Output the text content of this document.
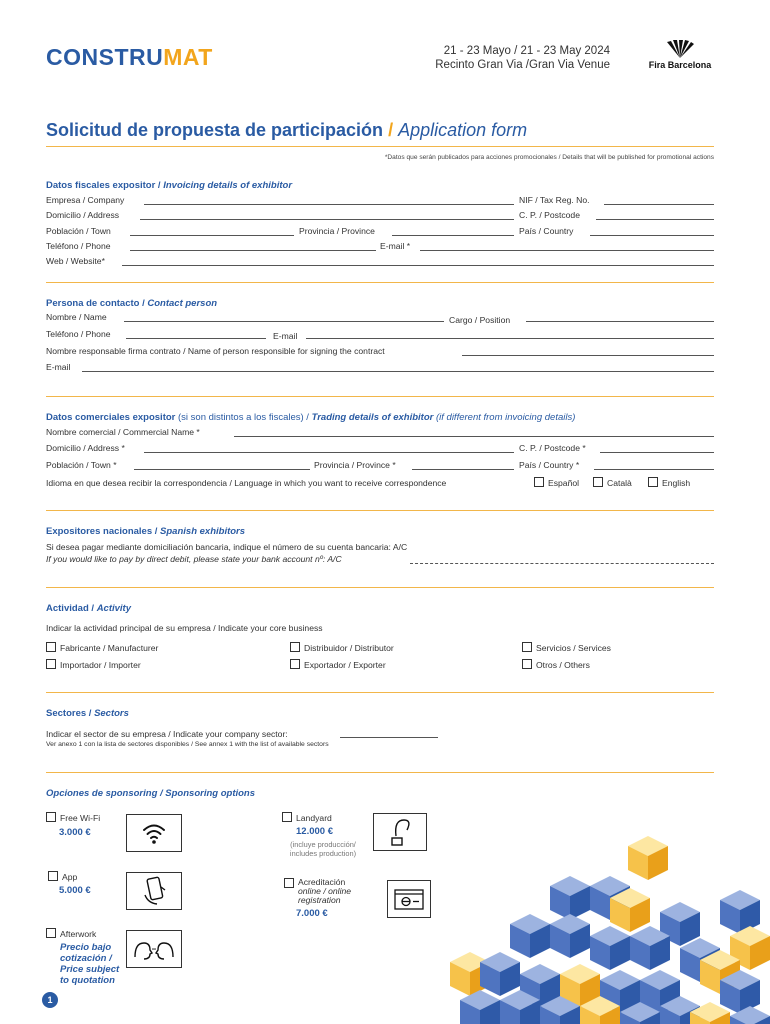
CONSTRUMAT	21 - 23 Mayo / 21 - 23 May 2024
Recinto Gran Via /Gran Via Venue	Fira Barcelona
Solicitud de propuesta de participación / Application form
*Datos que serán publicados para acciones promocionales / Details that will be published for promotional actions
Datos fiscales expositor / Invoicing details of exhibitor
Empresa / Company	NIF / Tax Reg. No.
Domicilio / Address	C. P. / Postcode
Población / Town	Provincia / Province	País / Country
Teléfono / Phone	E-mail *
Web / Website*
Persona de contacto / Contact person
Nombre / Name	Cargo / Position
Teléfono / Phone	E-mail
Nombre responsable firma contrato / Name of person responsible for signing the contract
E-mail
Datos comerciales expositor (si son distintos a los fiscales) / Trading details of exhibitor (if different from invoicing details)
Nombre comercial / Commercial Name *
Domicilio / Address *	C. P. / Postcode *
Población / Town *	Provincia / Province *	País / Country *
Idioma en que desea recibir la correspondencia / Language in which you want to receive correspondence	Español	Català	English
Expositores nacionales / Spanish exhibitors
Si desea pagar mediante domiciliación bancaria, indique el número de su cuenta bancaria: A/C
If you would like to pay by direct debit, please state your bank account nº: A/C
Actividad / Activity
Indicar la actividad principal de su empresa / Indicate your core business
Fabricante / Manufacturer	Distribuidor / Distributor	Servicios / Services
Importador / Importer	Exportador / Exporter	Otros / Others
Sectores / Sectors
Indicar el sector de su empresa / Indicate your company sector:
Ver anexo 1 con la lista de sectores disponibles / See annex 1 with the list of available sectors
Opciones de sponsoring / Sponsoring options
Free Wi-Fi
3.000 €
App
5.000 €
Afterwork
Precio bajo
cotización /
Price subject
to quotation
Landyard
12.000 €
(incluye producción/
includes production)
Acreditación
online / online
registration
7.000 €
1
